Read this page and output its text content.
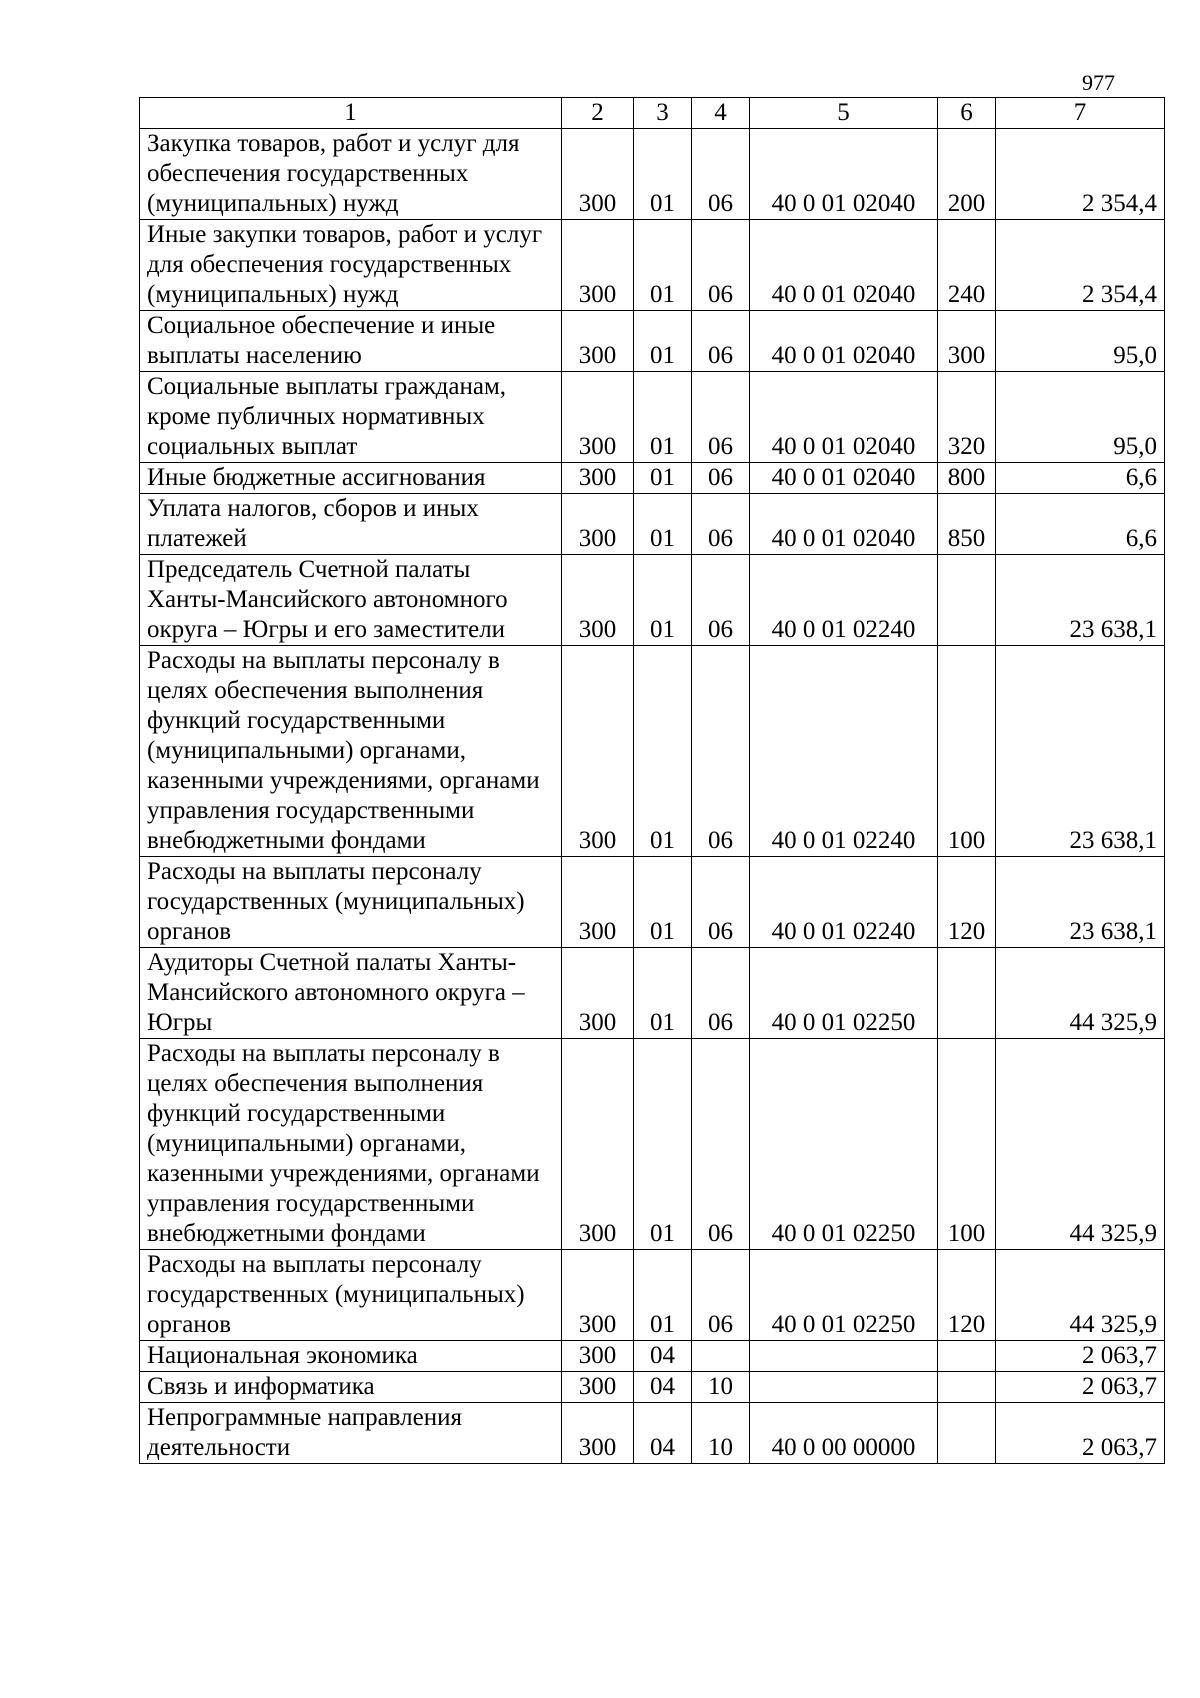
977
1	2	3	4	5	6	7
Закупка товаров, работ и услуг для обеспечения государственных (муниципальных) нужд	300	01	06	40 0 01 02040	200	2 354,4
Иные закупки товаров, работ и услуг для обеспечения государственных (муниципальных) нужд	300	01	06	40 0 01 02040	240	2 354,4
Социальное обеспечение и иные выплаты населению	300	01	06	40 0 01 02040	300	95,0
Социальные выплаты гражданам, кроме публичных нормативных социальных выплат	300	01	06	40 0 01 02040	320	95,0
Иные бюджетные ассигнования	300	01	06	40 0 01 02040	800	6,6
Уплата налогов, сборов и иных платежей	300	01	06	40 0 01 02040	850	6,6
Председатель Счетной палаты Ханты-Мансийского автономного округа – Югры и его заместители	300	01	06	40 0 01 02240		23 638,1
Расходы на выплаты персоналу в целях обеспечения выполнения функций государственными (муниципальными) органами, казенными учреждениями, органами управления государственными внебюджетными фондами	300	01	06	40 0 01 02240	100	23 638,1
Расходы на выплаты персоналу государственных (муниципальных) органов	300	01	06	40 0 01 02240	120	23 638,1
Аудиторы Счетной палаты Ханты-Мансийского автономного округа – Югры	300	01	06	40 0 01 02250		44 325,9
Расходы на выплаты персоналу в целях обеспечения выполнения функций государственными (муниципальными) органами, казенными учреждениями, органами управления государственными внебюджетными фондами	300	01	06	40 0 01 02250	100	44 325,9
Расходы на выплаты персоналу государственных (муниципальных) органов	300	01	06	40 0 01 02250	120	44 325,9
Национальная экономика	300	04				2 063,7
Связь и информатика	300	04	10			2 063,7
Непрограммные направления деятельности	300	04	10	40 0 00 00000		2 063,7
